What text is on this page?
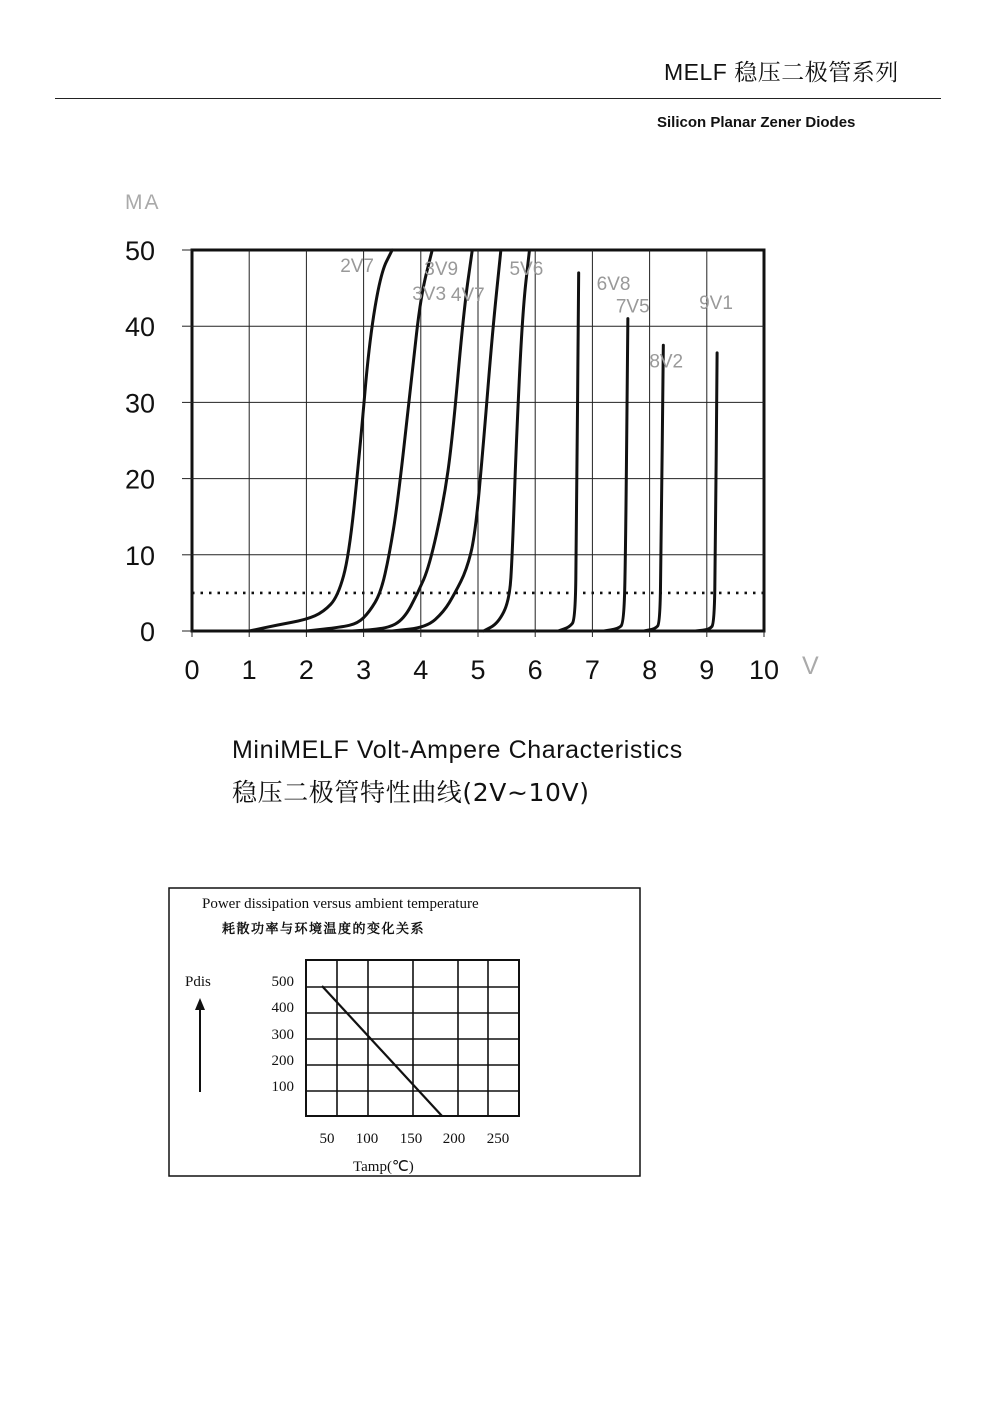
MELF 稳压二极管系列
Silicon Planar Zener Diodes
2V7
3V3
3V9
4V7
5V6
6V8
7V5
8V2
9V1
0 1 2 3 4 5 6 7 8 9 10
0
10
20
30
40
50
MA
V
MiniMELF Volt-Ampere Characteristics
稳压二极管特性曲线(2V~10V)
Power dissipation versus ambient temperature
耗散功率与环境温度的变化关系
Pdis	500
400
300
200
100
50 100 150 200 250
Tamp(℃)
